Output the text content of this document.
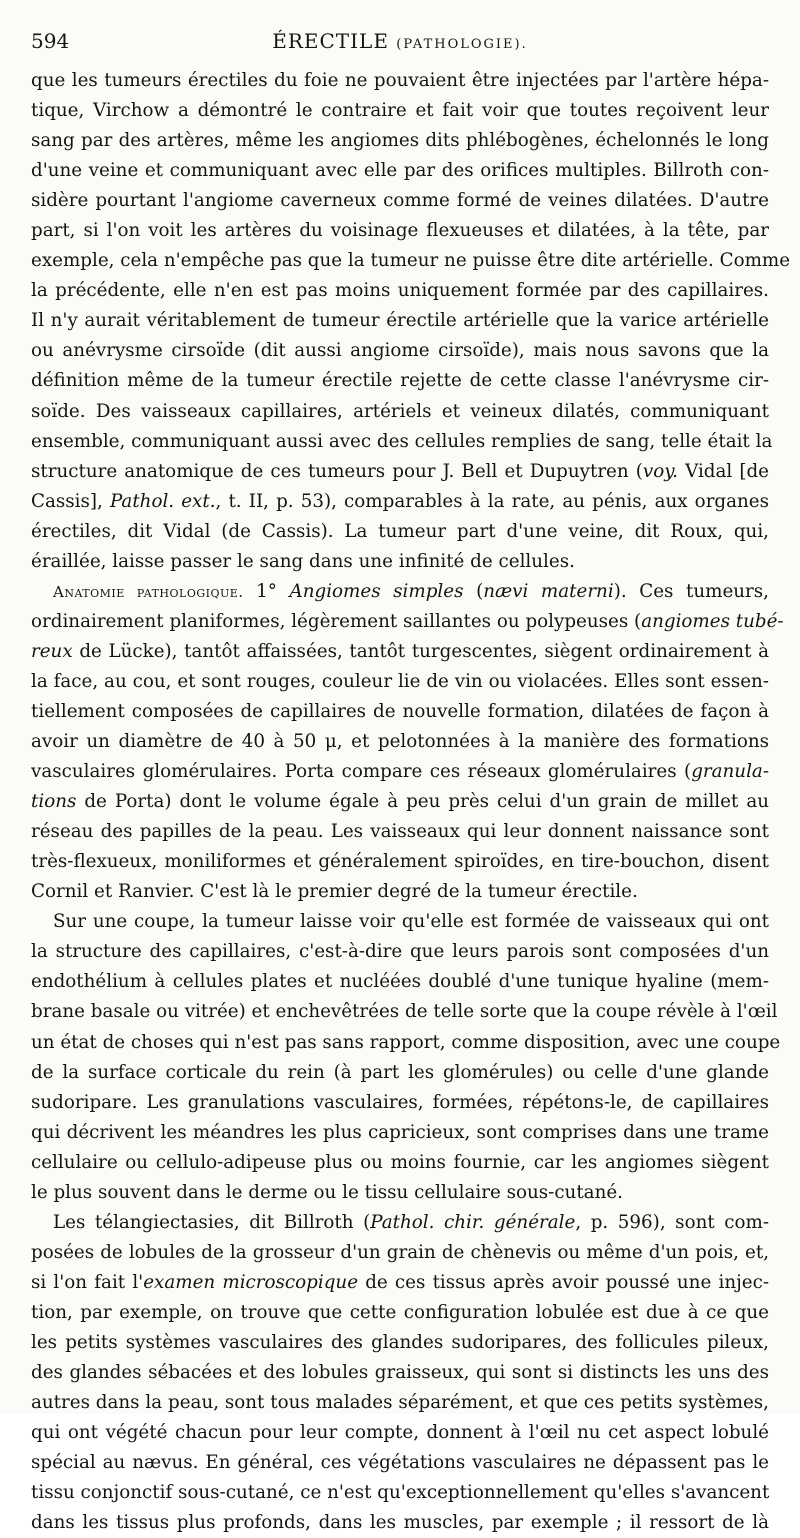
594	ÉRECTILE (PATHOLOGIE).
que les tumeurs érectiles du foie ne pouvaient être injectées par l'artère hépa-
tique, Virchow a démontré le contraire et fait voir que toutes reçoivent leur
sang par des artères, même les angiomes dits phlébogènes, échelonnés le long
d'une veine et communiquant avec elle par des orifices multiples. Billroth con-
sidère pourtant l'angiome caverneux comme formé de veines dilatées. D'autre
part, si l'on voit les artères du voisinage flexueuses et dilatées, à la tête, par
exemple, cela n'empêche pas que la tumeur ne puisse être dite artérielle. Comme
la précédente, elle n'en est pas moins uniquement formée par des capillaires.
Il n'y aurait véritablement de tumeur érectile artérielle que la varice artérielle
ou anévrysme cirsoïde (dit aussi angiome cirsoïde), mais nous savons que la
définition même de la tumeur érectile rejette de cette classe l'anévrysme cir-
soïde. Des vaisseaux capillaires, artériels et veineux dilatés, communiquant
ensemble, communiquant aussi avec des cellules remplies de sang, telle était la
structure anatomique de ces tumeurs pour J. Bell et Dupuytren (voy. Vidal [de
Cassis], Pathol. ext., t. II, p. 53), comparables à la rate, au pénis, aux organes
érectiles, dit Vidal (de Cassis). La tumeur part d'une veine, dit Roux, qui,
éraillée, laisse passer le sang dans une infinité de cellules.
Anatomie pathologique. 1° Angiomes simples (nævi materni). Ces tumeurs,
ordinairement planiformes, légèrement saillantes ou polypeuses (angiomes tubé-
reux de Lücke), tantôt affaissées, tantôt turgescentes, siègent ordinairement à
la face, au cou, et sont rouges, couleur lie de vin ou violacées. Elles sont essen-
tiellement composées de capillaires de nouvelle formation, dilatées de façon à
avoir un diamètre de 40 à 50 μ, et pelotonnées à la manière des formations
vasculaires glomérulaires. Porta compare ces réseaux glomérulaires (granula-
tions de Porta) dont le volume égale à peu près celui d'un grain de millet au
réseau des papilles de la peau. Les vaisseaux qui leur donnent naissance sont
très-flexueux, moniliformes et généralement spiroïdes, en tire-bouchon, disent
Cornil et Ranvier. C'est là le premier degré de la tumeur érectile.
Sur une coupe, la tumeur laisse voir qu'elle est formée de vaisseaux qui ont
la structure des capillaires, c'est-à-dire que leurs parois sont composées d'un
endothélium à cellules plates et nucléées doublé d'une tunique hyaline (mem-
brane basale ou vitrée) et enchevêtrées de telle sorte que la coupe révèle à l'œil
un état de choses qui n'est pas sans rapport, comme disposition, avec une coupe
de la surface corticale du rein (à part les glomérules) ou celle d'une glande
sudoripare. Les granulations vasculaires, formées, répétons-le, de capillaires
qui décrivent les méandres les plus capricieux, sont comprises dans une trame
cellulaire ou cellulo-adipeuse plus ou moins fournie, car les angiomes siègent
le plus souvent dans le derme ou le tissu cellulaire sous-cutané.
Les télangiectasies, dit Billroth (Pathol. chir. générale, p. 596), sont com-
posées de lobules de la grosseur d'un grain de chènevis ou même d'un pois, et,
si l'on fait l'examen microscopique de ces tissus après avoir poussé une injec-
tion, par exemple, on trouve que cette configuration lobulée est due à ce que
les petits systèmes vasculaires des glandes sudoripares, des follicules pileux,
des glandes sébacées et des lobules graisseux, qui sont si distincts les uns des
autres dans la peau, sont tous malades séparément, et que ces petits systèmes,
qui ont végété chacun pour leur compte, donnent à l'œil nu cet aspect lobulé
spécial au nævus. En général, ces végétations vasculaires ne dépassent pas le
tissu conjonctif sous-cutané, ce n'est qu'exceptionnellement qu'elles s'avancent
dans les tissus plus profonds, dans les muscles, par exemple ; il ressort de là
